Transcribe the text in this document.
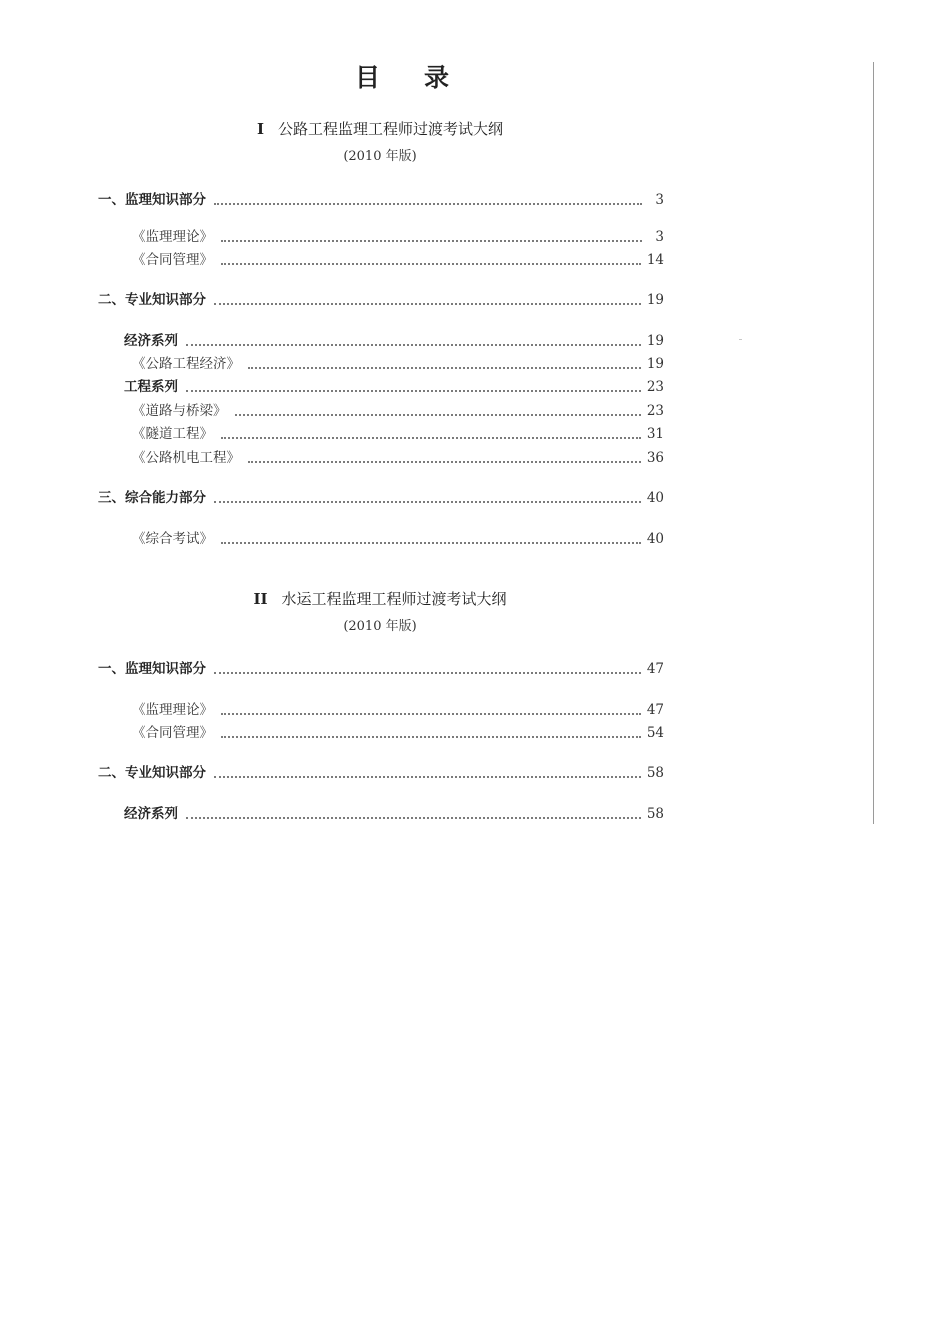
目录
I 公路工程监理工程师过渡考试大纲
(2010 年版)
一、监理知识部分	3
《监理理论》	3
《合同管理》	14
二、专业知识部分	19
经济系列	19
《公路工程经济》	19
工程系列	23
《道路与桥梁》	23
《隧道工程》	31
《公路机电工程》	36
三、综合能力部分	40
《综合考试》	40
II 水运工程监理工程师过渡考试大纲
(2010 年版)
一、监理知识部分	47
《监理理论》	47
《合同管理》	54
二、专业知识部分	58
经济系列	58
